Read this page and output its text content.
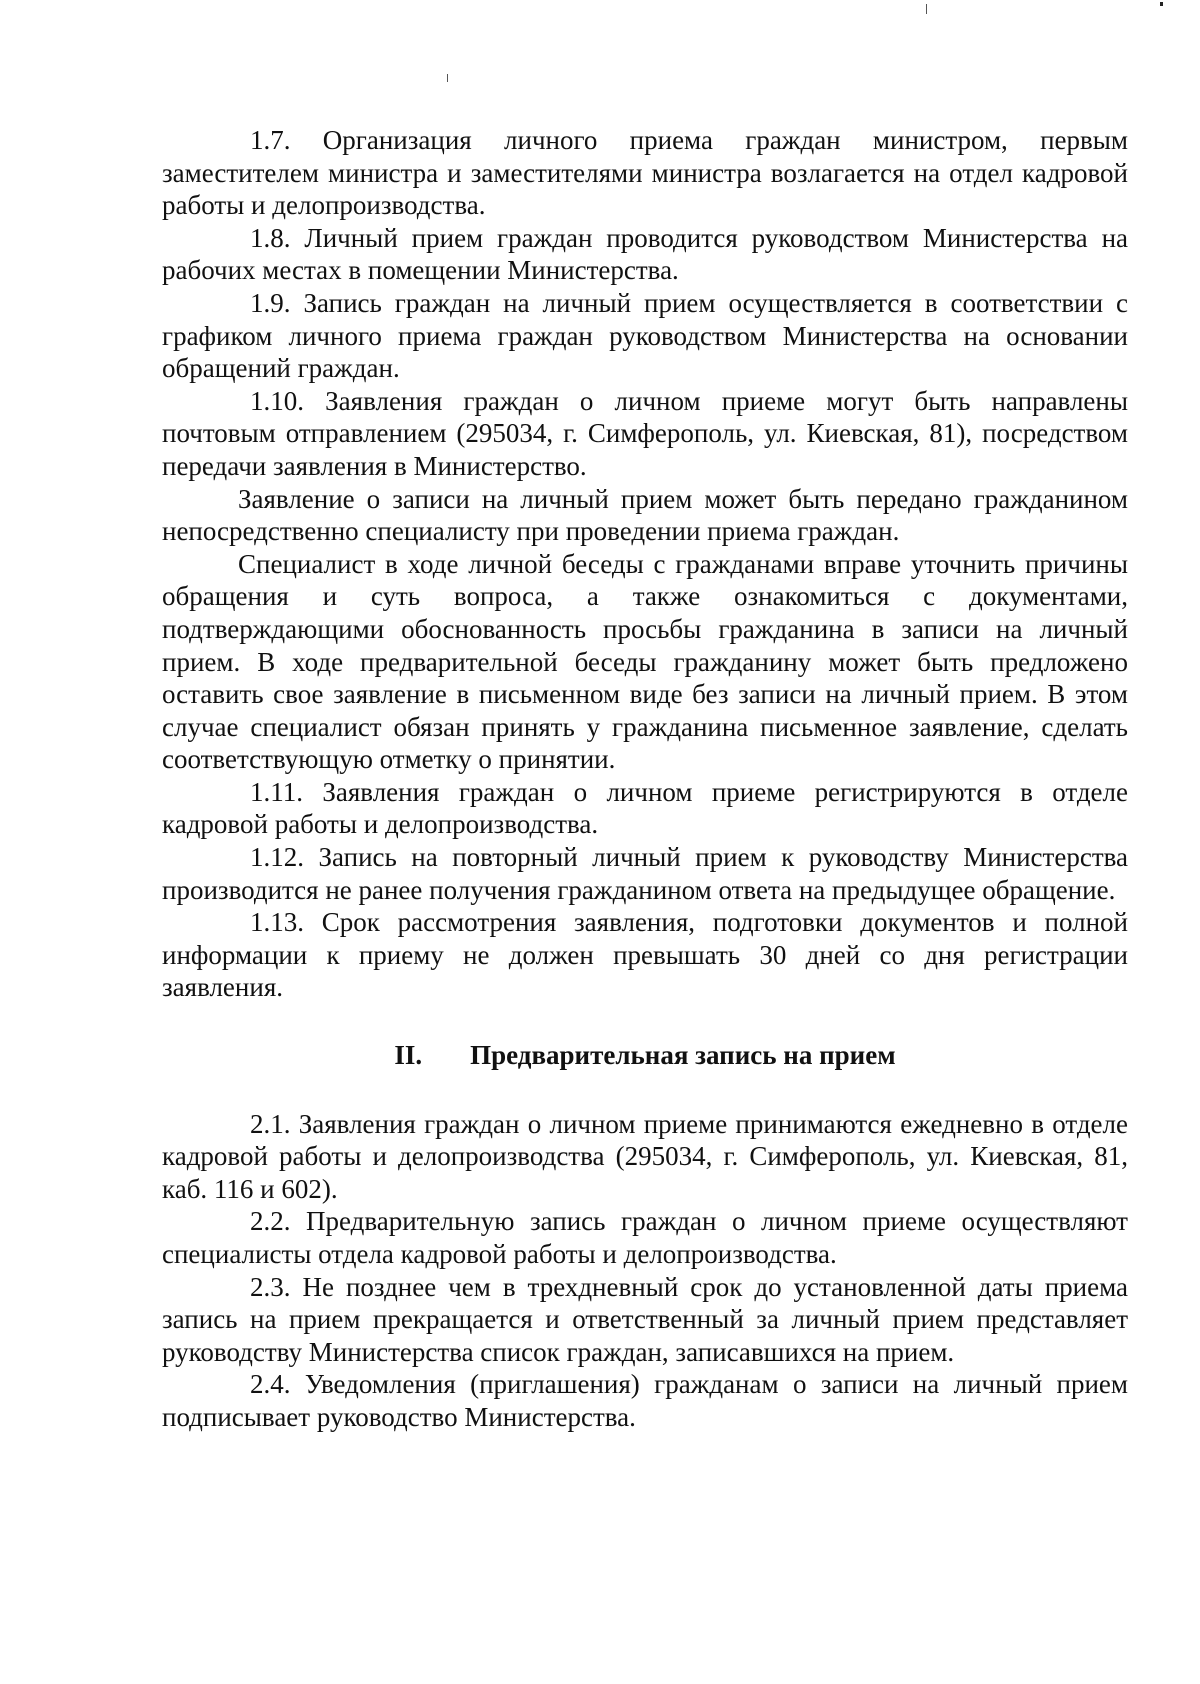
1.7. Организация личного приема граждан министром, первым заместителем министра и заместителями министра возлагается на отдел кадровой работы и делопроизводства.

1.8. Личный прием граждан проводится руководством Министерства на рабочих местах в помещении Министерства.

1.9. Запись граждан на личный прием осуществляется в соответствии с графиком личного приема граждан руководством Министерства на основании обращений граждан.

1.10. Заявления граждан о личном приеме могут быть направлены почтовым отправлением (295034, г. Симферополь, ул. Киевская, 81), посредством передачи заявления в Министерство.

Заявление о записи на личный прием может быть передано гражданином непосредственно специалисту при проведении приема граждан.

Специалист в ходе личной беседы с гражданами вправе уточнить причины обращения и суть вопроса, а также ознакомиться с документами, подтверждающими обоснованность просьбы гражданина в записи на личный прием. В ходе предварительной беседы гражданину может быть предложено оставить свое заявление в письменном виде без записи на личный прием. В этом случае специалист обязан принять у гражданина письменное заявление, сделать соответствующую отметку о принятии.

1.11. Заявления граждан о личном приеме регистрируются в отделе кадровой работы и делопроизводства.

1.12. Запись на повторный личный прием к руководству Министерства производится не ранее получения гражданином ответа на предыдущее обращение.

1.13. Срок рассмотрения заявления, подготовки документов и полной информации к приему не должен превышать 30 дней со дня регистрации заявления.

II. Предварительная запись на прием

2.1. Заявления граждан о личном приеме принимаются ежедневно в отделе кадровой работы и делопроизводства (295034, г. Симферополь, ул. Киевская, 81, каб. 116 и 602).

2.2. Предварительную запись граждан о личном приеме осуществляют специалисты отдела кадровой работы и делопроизводства.

2.3. Не позднее чем в трехдневный срок до установленной даты приема запись на прием прекращается и ответственный за личный прием представляет руководству Министерства список граждан, записавшихся на прием.

2.4. Уведомления (приглашения) гражданам о записи на личный прием подписывает руководство Министерства.
